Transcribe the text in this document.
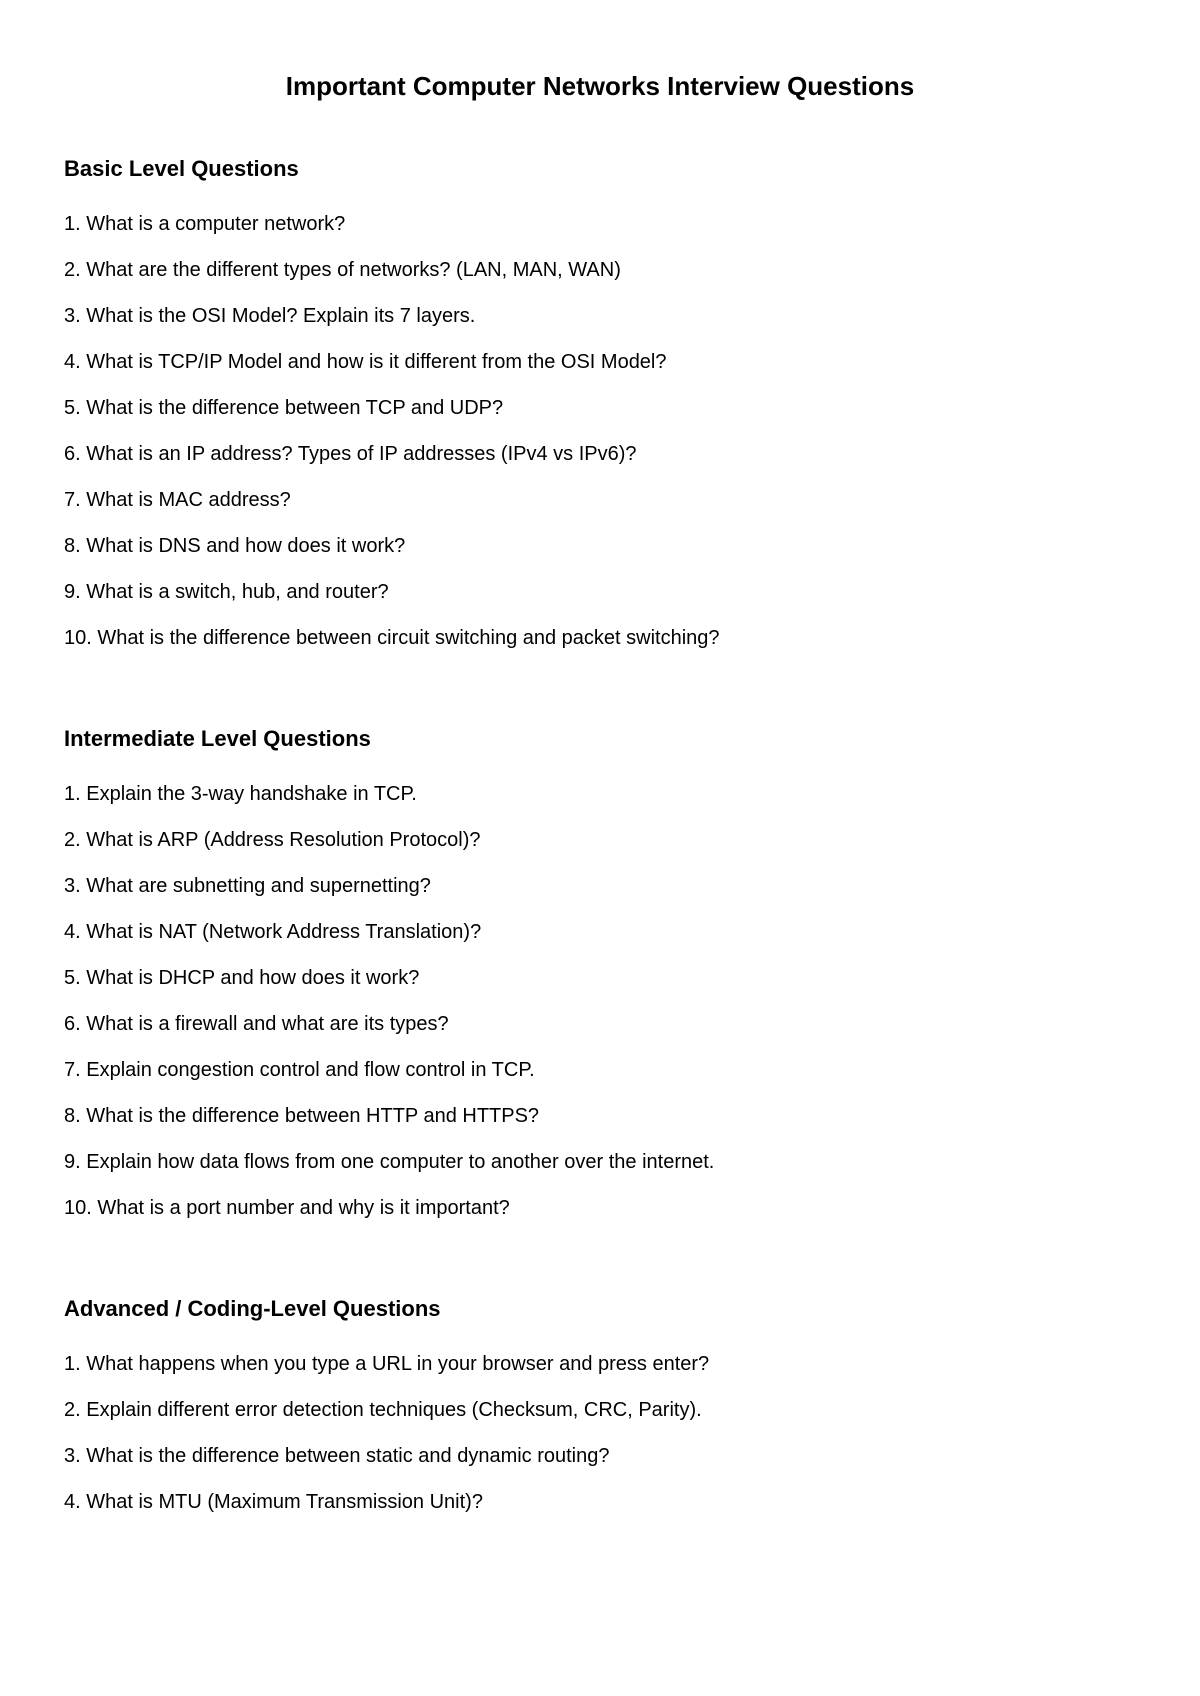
Important Computer Networks Interview Questions
Basic Level Questions
1. What is a computer network?
2. What are the different types of networks? (LAN, MAN, WAN)
3. What is the OSI Model? Explain its 7 layers.
4. What is TCP/IP Model and how is it different from the OSI Model?
5. What is the difference between TCP and UDP?
6. What is an IP address? Types of IP addresses (IPv4 vs IPv6)?
7. What is MAC address?
8. What is DNS and how does it work?
9. What is a switch, hub, and router?
10. What is the difference between circuit switching and packet switching?
Intermediate Level Questions
1. Explain the 3-way handshake in TCP.
2. What is ARP (Address Resolution Protocol)?
3. What are subnetting and supernetting?
4. What is NAT (Network Address Translation)?
5. What is DHCP and how does it work?
6. What is a firewall and what are its types?
7. Explain congestion control and flow control in TCP.
8. What is the difference between HTTP and HTTPS?
9. Explain how data flows from one computer to another over the internet.
10. What is a port number and why is it important?
Advanced / Coding-Level Questions
1. What happens when you type a URL in your browser and press enter?
2. Explain different error detection techniques (Checksum, CRC, Parity).
3. What is the difference between static and dynamic routing?
4. What is MTU (Maximum Transmission Unit)?
